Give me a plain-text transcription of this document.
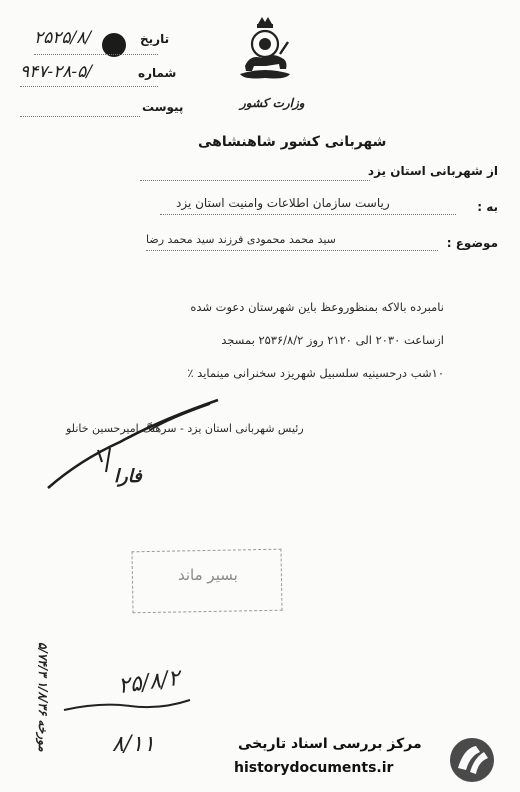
تاریخ
۲۵۲۵/۸/
شماره
۹۴۷-۲۸-۵/
پیوست	وزارت کشور
شهربانی کشور شاهنشاهی
از شهربانی استان یزد
به :
ریاست سازمان اطلاعات وامنیت استان یزد
موضوع :
سید محمد محمودی فرزند سید محمد رضا
نامبرده بالاکه بمنظوروعظ باین شهرستان دعوت شده
ازساعت ۲۰۳۰ الی ۲۱۲۰ روز ۲۵۳۶/۸/۲ بمسجد
۱۰شب درحسینیه سلسبیل شهریزد سخنرانی مینماید ٪
رئیس شهربانی استان یزد - سرهنگ امیرحسین خانلو
فارا
بسیر ماند
۵/۷۴/۳ مورخه ۱/۸/۳۶
۲۵/۸/۲
۸/۱۱	مرکز بررسی اسناد تاریخی
historydocuments.ir
